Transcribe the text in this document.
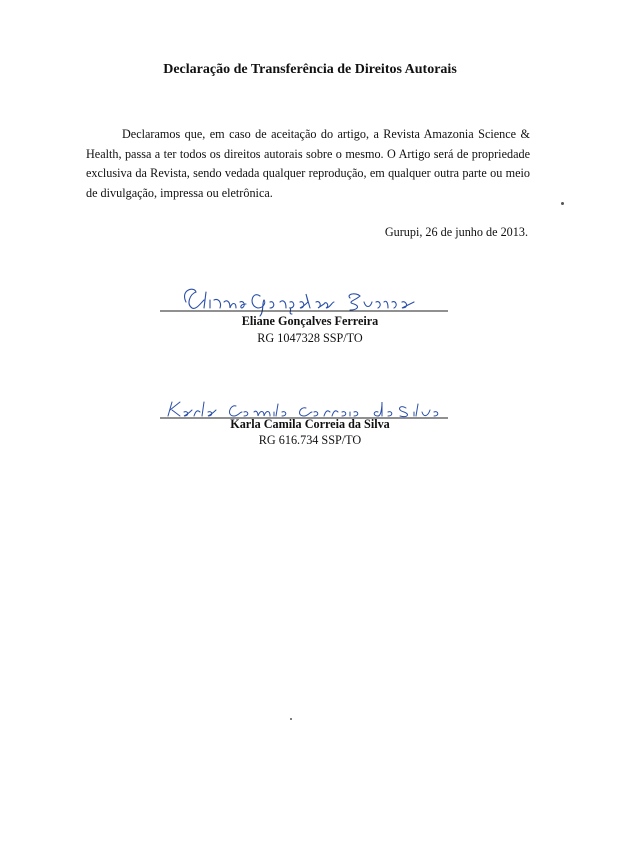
Declaração de Transferência de Direitos Autorais

Declaramos que, em caso de aceitação do artigo, a Revista Amazonia Science & Health, passa a ter todos os direitos autorais sobre o mesmo. O Artigo será de propriedade exclusiva da Revista, sendo vedada qualquer reprodução, em qualquer outra parte ou meio de divulgação, impressa ou eletrônica.

Gurupi, 26 de junho de 2013.
Eliane Gonçalves Ferreira
RG 1047328 SSP/TO
Karla Camila Correia da Silva
RG 616.734 SSP/TO
